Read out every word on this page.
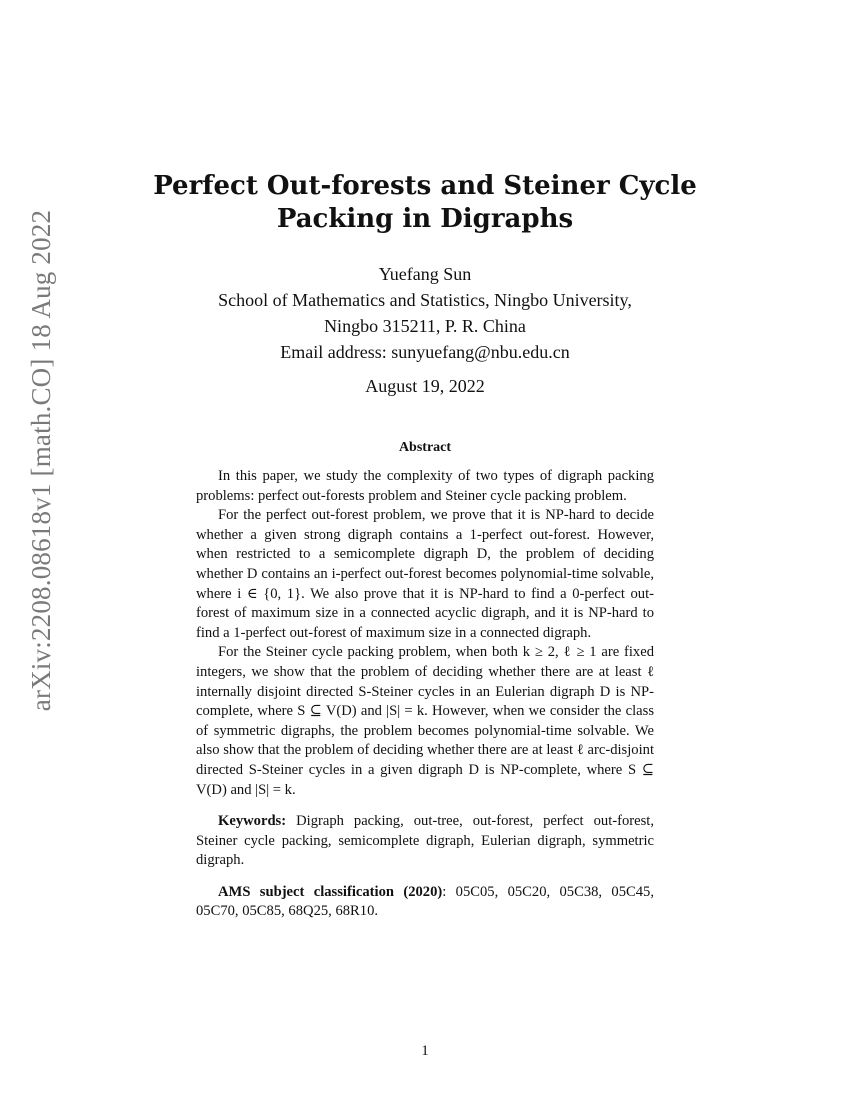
arXiv:2208.08618v1 [math.CO] 18 Aug 2022
Perfect Out-forests and Steiner Cycle
Packing in Digraphs
Yuefang Sun
School of Mathematics and Statistics, Ningbo University,
Ningbo 315211, P. R. China
Email address: sunyuefang@nbu.edu.cn
August 19, 2022
Abstract

In this paper, we study the complexity of two types of digraph packing problems: perfect out-forests problem and Steiner cycle packing problem.

For the perfect out-forest problem, we prove that it is NP-hard to decide whether a given strong digraph contains a 1-perfect out-forest. However, when restricted to a semicomplete digraph D, the problem of deciding whether D contains an i-perfect out-forest becomes polynomial-time solvable, where i ∈ {0, 1}. We also prove that it is NP-hard to find a 0-perfect out-forest of maximum size in a connected acyclic digraph, and it is NP-hard to find a 1-perfect out-forest of maximum size in a connected digraph.

For the Steiner cycle packing problem, when both k ≥ 2, ℓ ≥ 1 are fixed integers, we show that the problem of deciding whether there are at least ℓ internally disjoint directed S-Steiner cycles in an Eulerian digraph D is NP-complete, where S ⊆ V(D) and |S| = k. However, when we consider the class of symmetric digraphs, the problem becomes polynomial-time solvable. We also show that the problem of deciding whether there are at least ℓ arc-disjoint directed S-Steiner cycles in a given digraph D is NP-complete, where S ⊆ V(D) and |S| = k.

Keywords: Digraph packing, out-tree, out-forest, perfect out-forest, Steiner cycle packing, semicomplete digraph, Eulerian digraph, symmetric digraph.

AMS subject classification (2020): 05C05, 05C20, 05C38, 05C45, 05C70, 05C85, 68Q25, 68R10.

1
